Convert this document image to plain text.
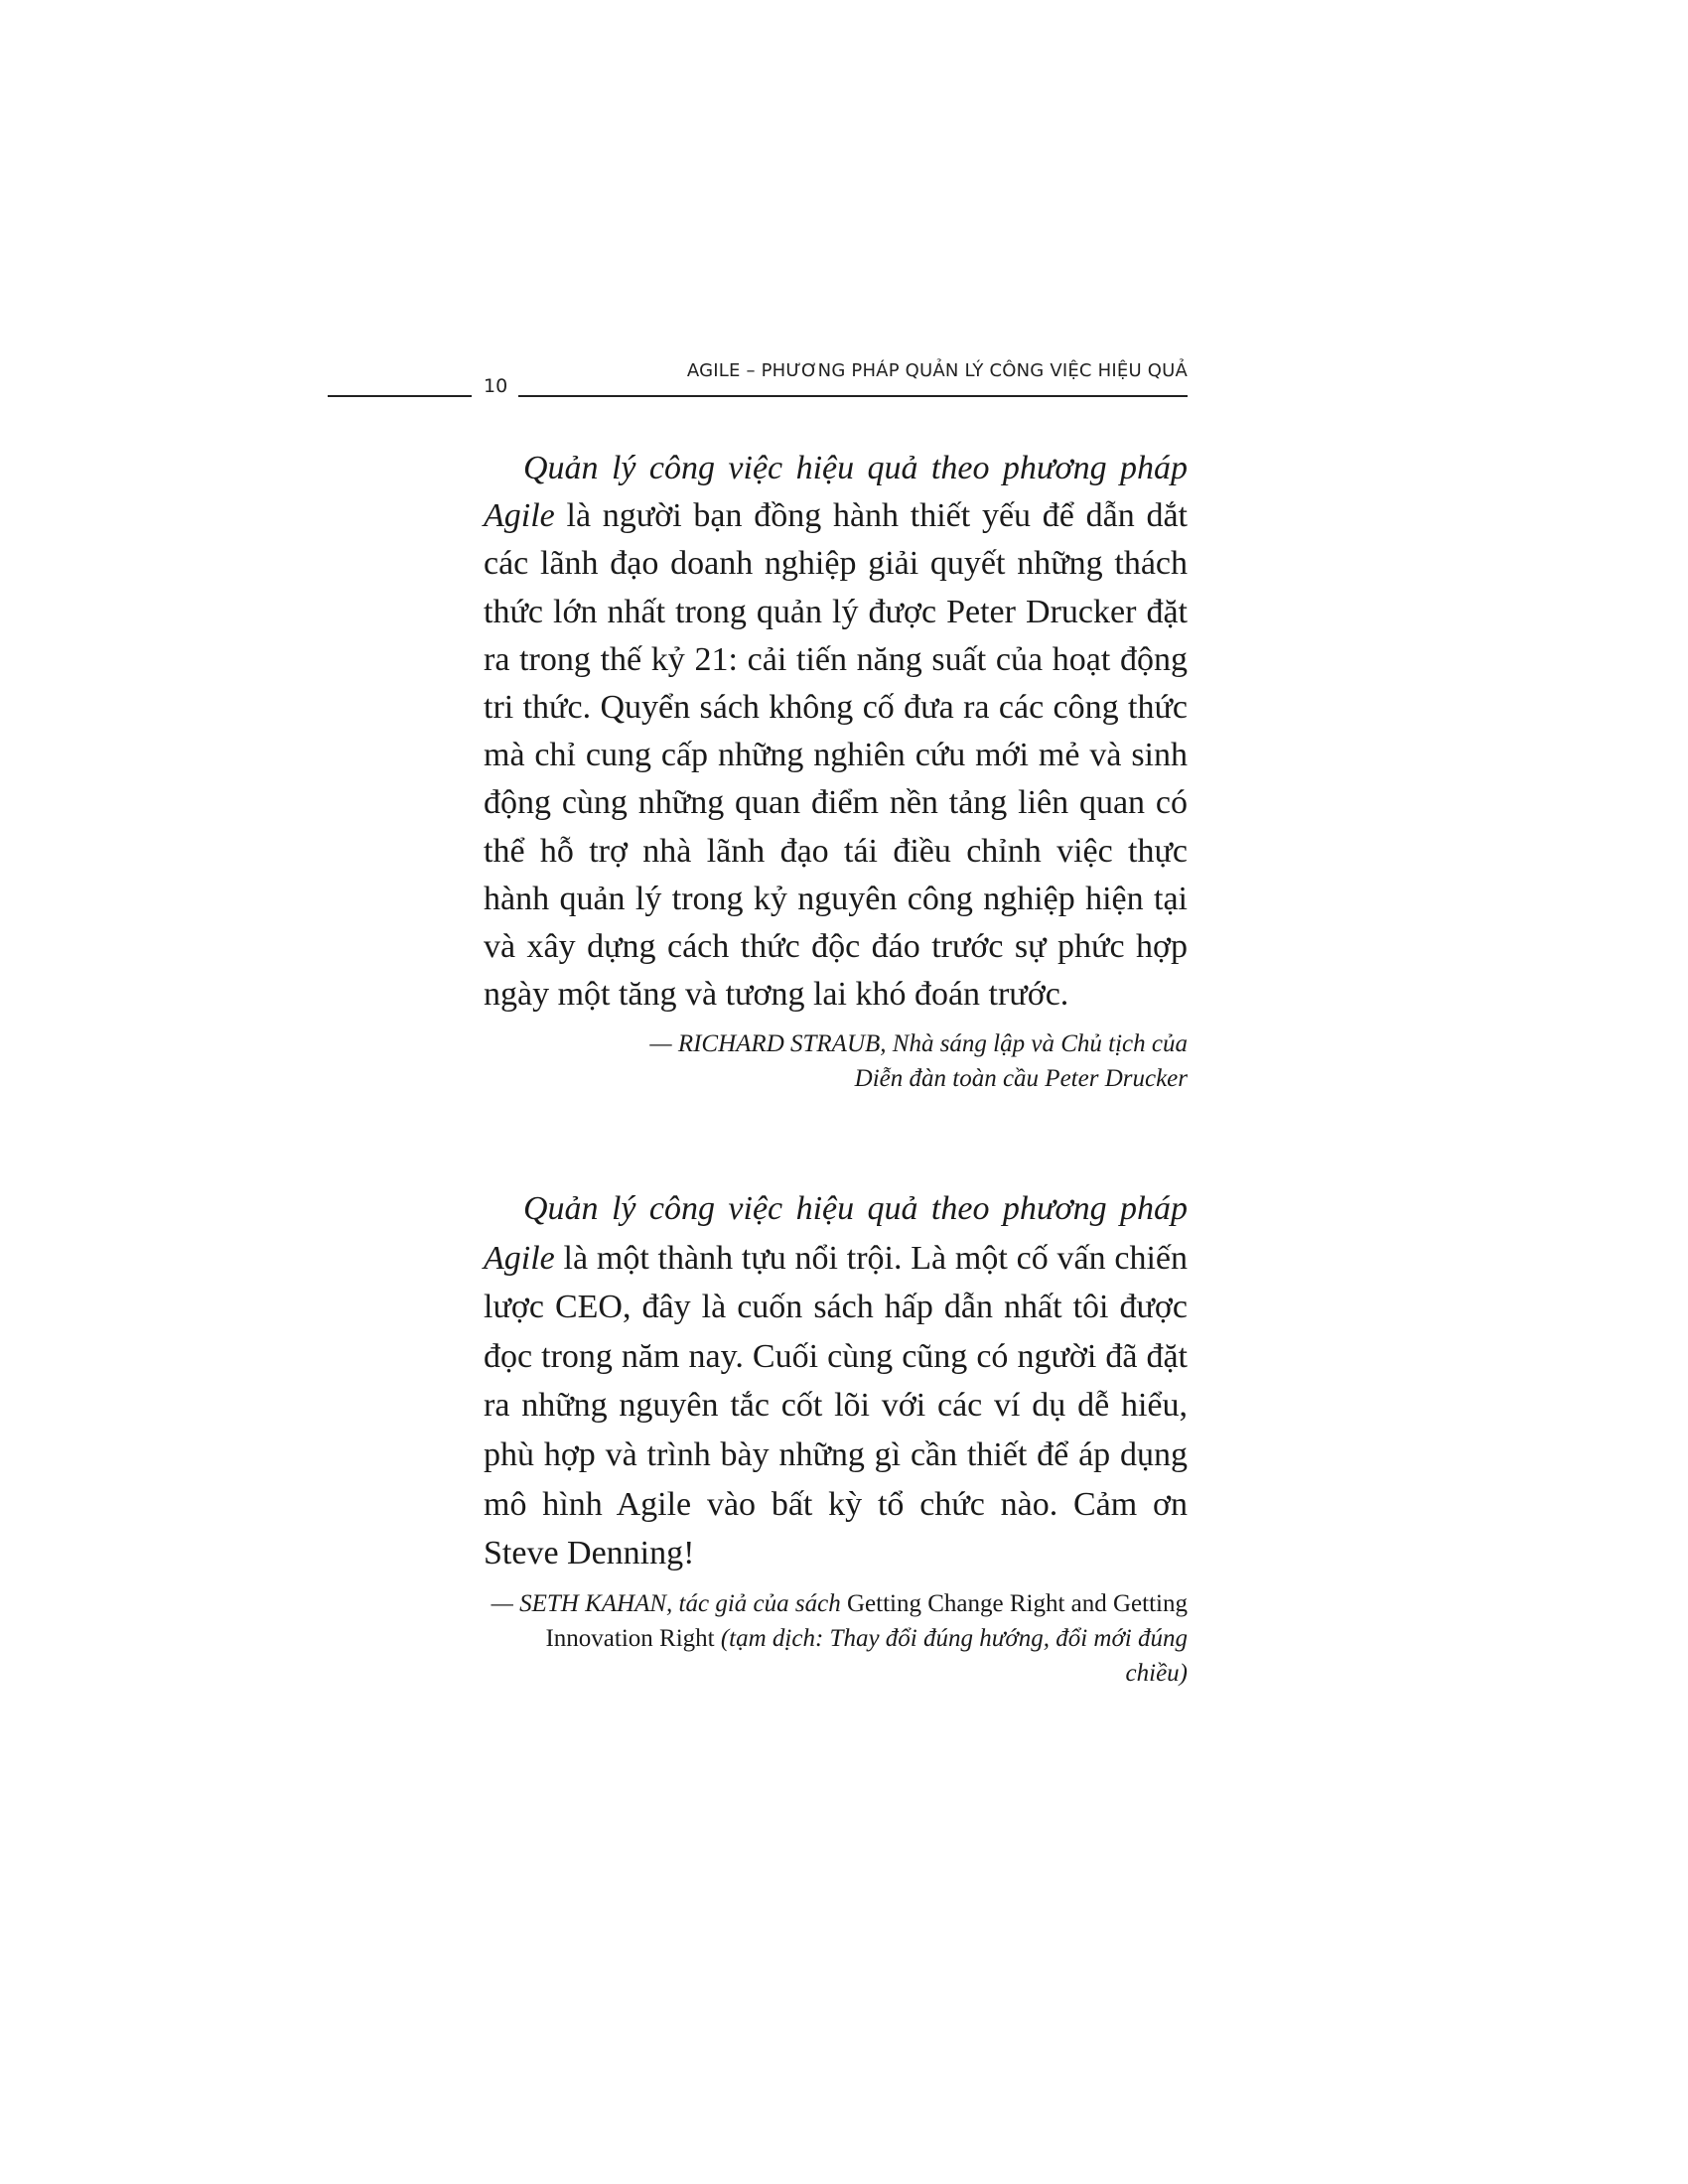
10
AGILE – PHƯƠNG PHÁP QUẢN LÝ CÔNG VIỆC HIỆU QUẢ

Quản lý công việc hiệu quả theo phương pháp Agile là người bạn đồng hành thiết yếu để dẫn dắt các lãnh đạo doanh nghiệp giải quyết những thách thức lớn nhất trong quản lý được Peter Drucker đặt ra trong thế kỷ 21: cải tiến năng suất của hoạt động tri thức. Quyển sách không cố đưa ra các công thức mà chỉ cung cấp những nghiên cứu mới mẻ và sinh động cùng những quan điểm nền tảng liên quan có thể hỗ trợ nhà lãnh đạo tái điều chỉnh việc thực hành quản lý trong kỷ nguyên công nghiệp hiện tại và xây dựng cách thức độc đáo trước sự phức hợp ngày một tăng và tương lai khó đoán trước.

— RICHARD STRAUB, Nhà sáng lập và Chủ tịch của
Diễn đàn toàn cầu Peter Drucker

Quản lý công việc hiệu quả theo phương pháp Agile là một thành tựu nổi trội. Là một cố vấn chiến lược CEO, đây là cuốn sách hấp dẫn nhất tôi được đọc trong năm nay. Cuối cùng cũng có người đã đặt ra những nguyên tắc cốt lõi với các ví dụ dễ hiểu, phù hợp và trình bày những gì cần thiết để áp dụng mô hình Agile vào bất kỳ tổ chức nào. Cảm ơn Steve Denning!

— SETH KAHAN, tác giả của sách Getting Change Right and Getting Innovation Right (tạm dịch: Thay đổi đúng hướng, đổi mới đúng chiều)
